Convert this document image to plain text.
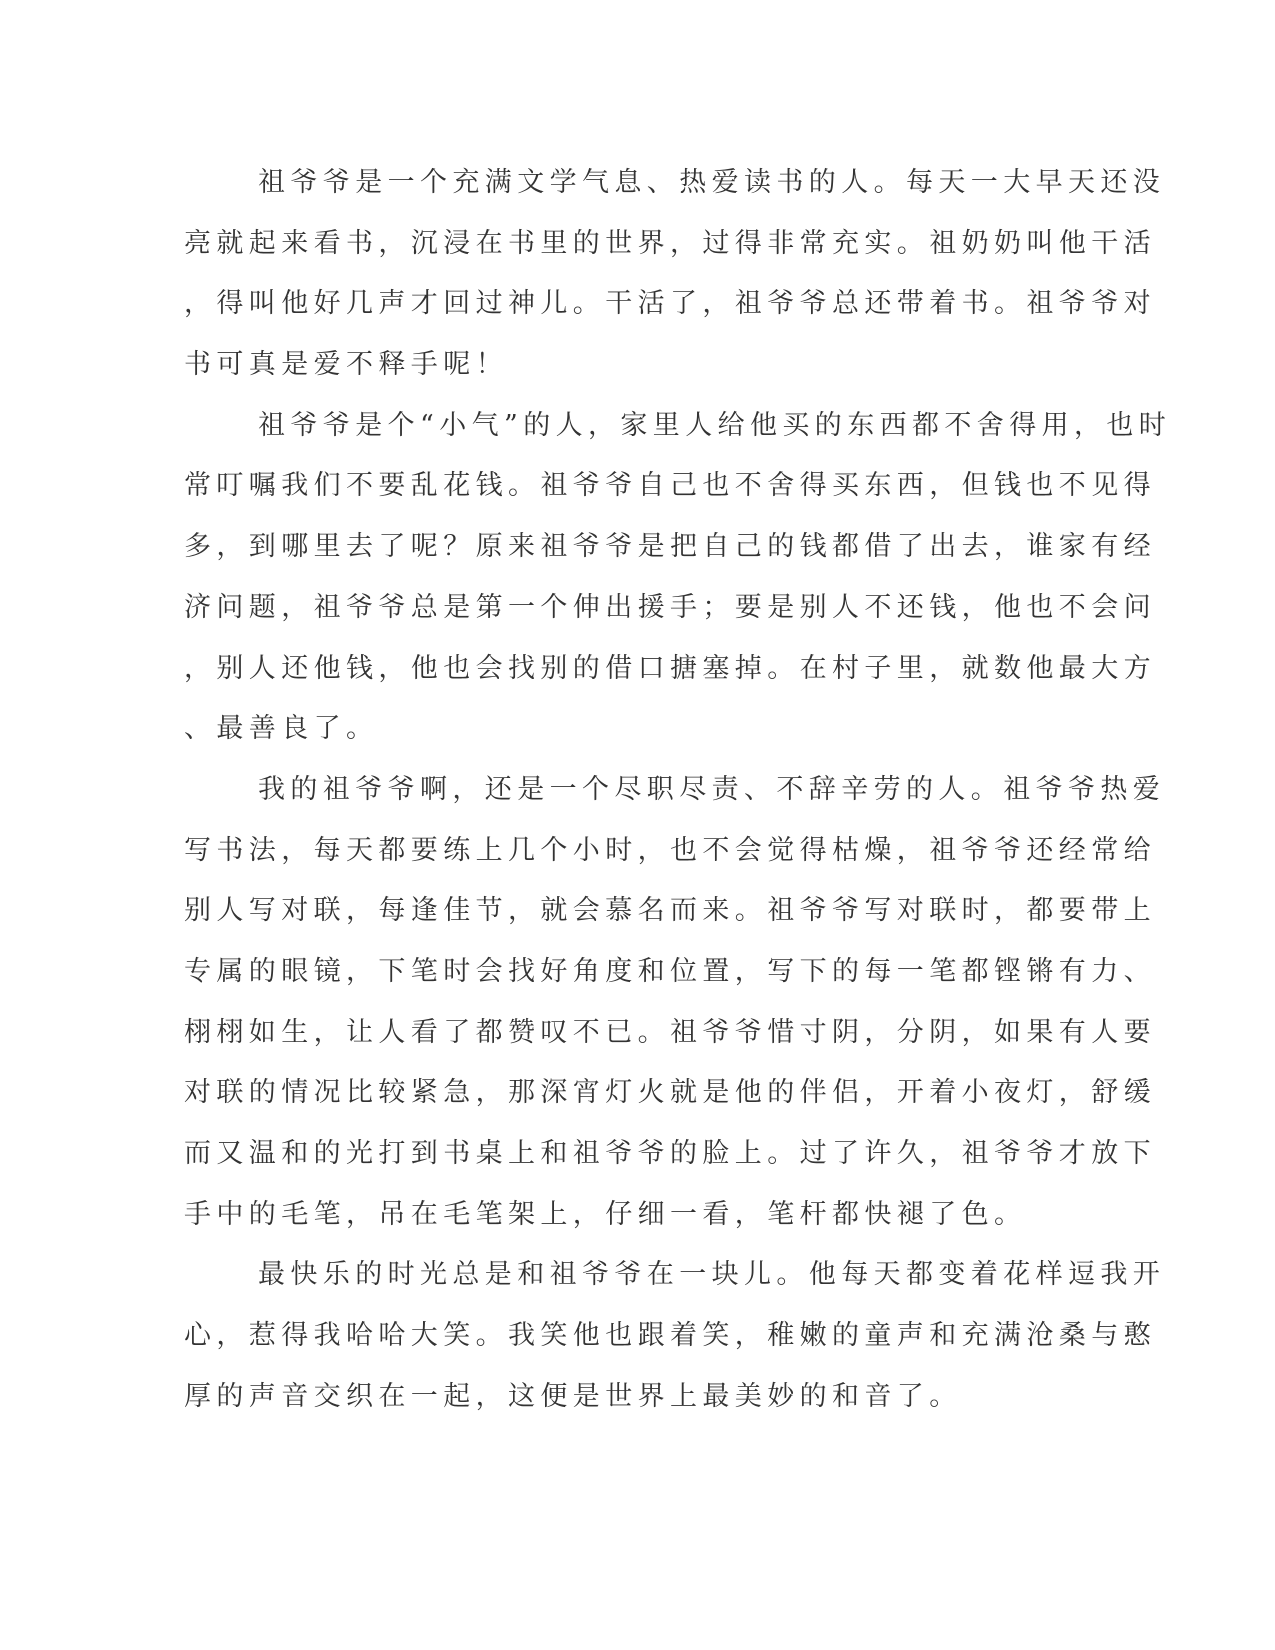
祖爷爷是一个充满文学气息、热爱读书的人。每天一大早天还没
亮就起来看书，沉浸在书里的世界，过得非常充实。祖奶奶叫他干活
，得叫他好几声才回过神儿。干活了，祖爷爷总还带着书。祖爷爷对
书可真是爱不释手呢！
祖爷爷是个“小气”的人，家里人给他买的东西都不舍得用，也时
常叮嘱我们不要乱花钱。祖爷爷自己也不舍得买东西，但钱也不见得
多，到哪里去了呢？原来祖爷爷是把自己的钱都借了出去，谁家有经
济问题，祖爷爷总是第一个伸出援手；要是别人不还钱，他也不会问
，别人还他钱，他也会找别的借口搪塞掉。在村子里，就数他最大方
、最善良了。
我的祖爷爷啊，还是一个尽职尽责、不辞辛劳的人。祖爷爷热爱
写书法，每天都要练上几个小时，也不会觉得枯燥，祖爷爷还经常给
别人写对联，每逢佳节，就会慕名而来。祖爷爷写对联时，都要带上
专属的眼镜，下笔时会找好角度和位置，写下的每一笔都铿锵有力、
栩栩如生，让人看了都赞叹不已。祖爷爷惜寸阴，分阴，如果有人要
对联的情况比较紧急，那深宵灯火就是他的伴侣，开着小夜灯，舒缓
而又温和的光打到书桌上和祖爷爷的脸上。过了许久，祖爷爷才放下
手中的毛笔，吊在毛笔架上，仔细一看，笔杆都快褪了色。
最快乐的时光总是和祖爷爷在一块儿。他每天都变着花样逗我开
心，惹得我哈哈大笑。我笑他也跟着笑，稚嫩的童声和充满沧桑与憨
厚的声音交织在一起，这便是世界上最美妙的和音了。
